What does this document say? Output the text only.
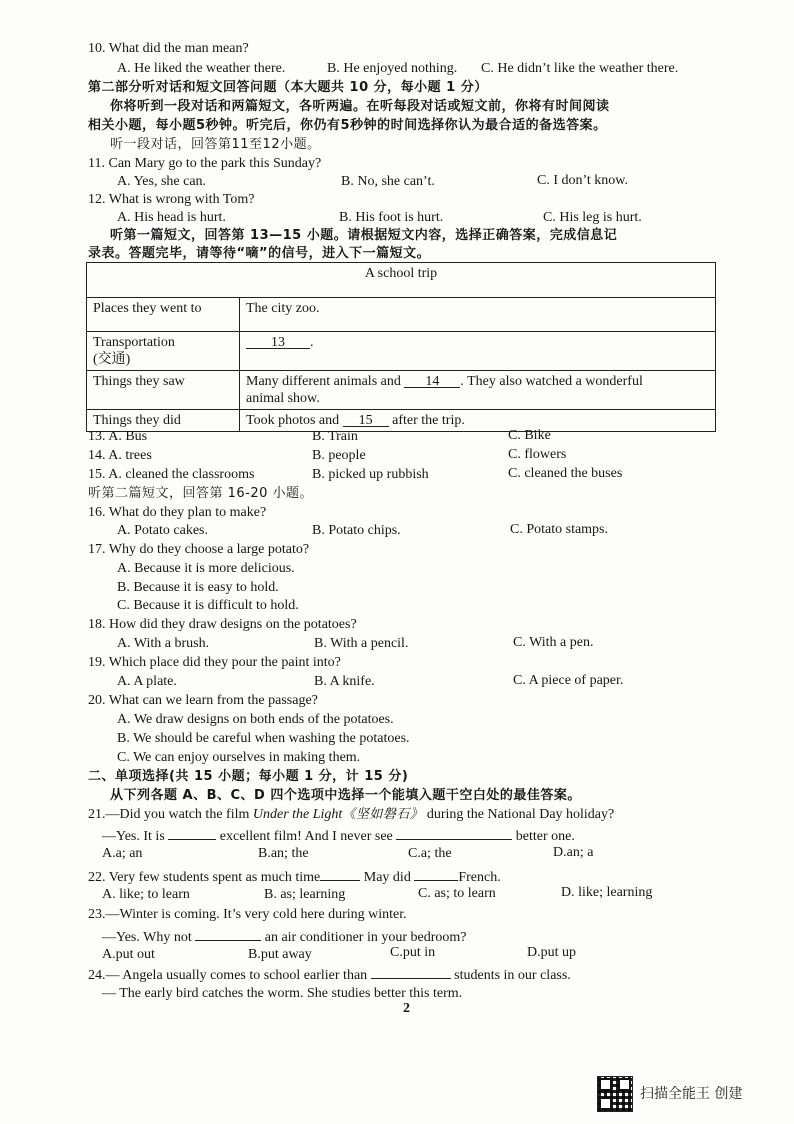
10. What did the man mean?
A. He liked the weather there.	B. He enjoyed nothing. C. He didn’t like the weather there.
第二部分听对话和短文回答问题（本大题共 10 分，每小题 1 分）
你将听到一段对话和两篇短文，各听两遍。在听每段对话或短文前，你将有时间阅读
相关小题，每小题5秒钟。听完后，你仍有5秒钟的时间选择你认为最合适的备选答案。
听一段对话，回答第11至12小题。
11. Can Mary go to the park this Sunday?
A. Yes, she can.	B. No, she can’t.	C. I don’t know.
12. What is wrong with Tom?
A. His head is hurt.	B. His foot is hurt.	C. His leg is hurt.
听第一篇短文，回答第 13—15 小题。请根据短文内容，选择正确答案，完成信息记
录表。答题完毕，请等待“嘀”的信号，进入下一篇短文。
A school trip	
Places they went to	The city zoo.

Transportation
(交通)	13 .
Things they saw	Many different animals and 14 . They also watched a wonderful
animal show.

Things they did	Took photos and 15 after the trip.
13. A. Bus	B. Train	C. Bike
14. A. trees	B. people	C. flowers
15. A. cleaned the classrooms	B. picked up rubbish	C. cleaned the buses
听第二篇短文，回答第 16-20 小题。
16. What do they plan to make?
A. Potato cakes.	B. Potato chips.	C. Potato stamps.
17. Why do they choose a large potato?
A. Because it is more delicious.
B. Because it is easy to hold.
C. Because it is difficult to hold.
18. How did they draw designs on the potatoes?
A. With a brush.	B. With a pencil.	C. With a pen.
19. Which place did they pour the paint into?
A. A plate.	B. A knife.	C. A piece of paper.
20. What can we learn from the passage?
A. We draw designs on both ends of the potatoes.
B. We should be careful when washing the potatoes.
C. We can enjoy ourselves in making them.
二、单项选择(共 15 小题；每小题 1 分，计 15 分)
从下列各题 A、B、C、D 四个选项中选择一个能填入题干空白处的最佳答案。
21.—Did you watch the film Under the Light《坚如磐石》 during the National Day holiday?
—Yes. It is	excellent film! And I never see	better one.
A.a; an	B.an; the	C.a; the	D.an; a
22. Very few students spent as much time	May did	French.
A. like; to learn	B. as; learning	C. as; to learn	D. like; learning
23.—Winter is coming. It’s very cold here during winter.
—Yes. Why not	an air conditioner in your bedroom?
A.put out	B.put away	C.put in	D.put up
24.— Angela usually comes to school earlier than	students in our class.
— The early bird catches the worm. She studies better this term.
2
扫描全能王 创建
